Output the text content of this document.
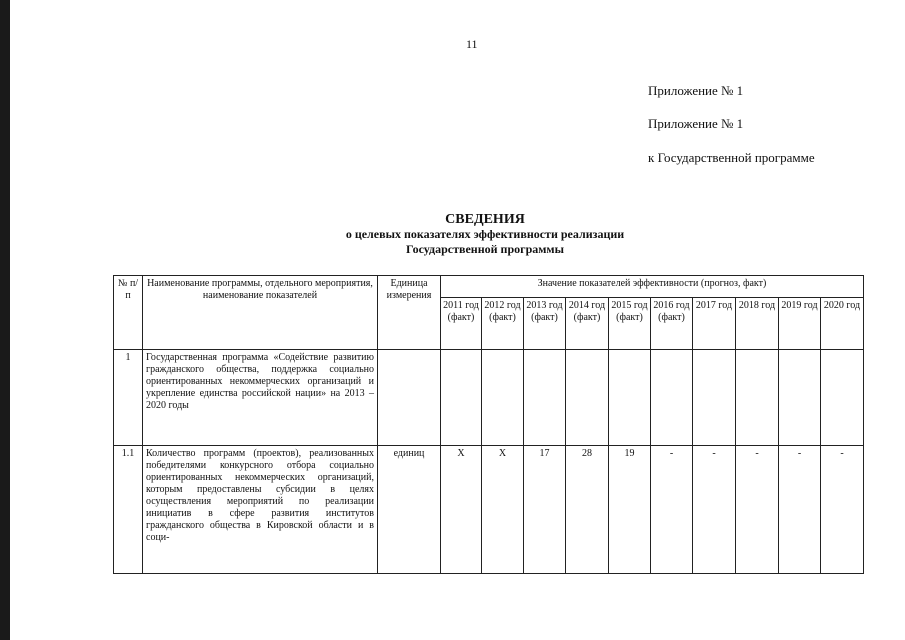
11
Приложение № 1
Приложение № 1
к Государственной программе
СВЕДЕНИЯ
о целевых показателях эффективности реализации
Государственной программы
№ п/п	Наименование программы, отдельного мероприятия, наименование показателей	Единица измерения	Значение показателей эффективности (прогноз, факт)									
			2011 год (факт)	2012 год (факт)	2013 год (факт)	2014 год (факт)	2015 год (факт)	2016 год (факт)	2017 год	2018 год	2019 год	2020 год
1	Государственная программа «Содействие развитию гражданского общества, поддержка социально ориентированных некоммерческих организаций и укрепление единства российской нации» на 2013 – 2020 годы											
1.1	Количество программ (проектов), реализованных победителями конкурсного отбора социально ориентированных некоммерческих организаций, которым предоставлены субсидии в целях осуществления мероприятий по реализации инициатив в сфере развития институтов гражданского общества в Кировской области и в соци-	единиц	Х	Х	17	28	19	-	-	-	-	-
